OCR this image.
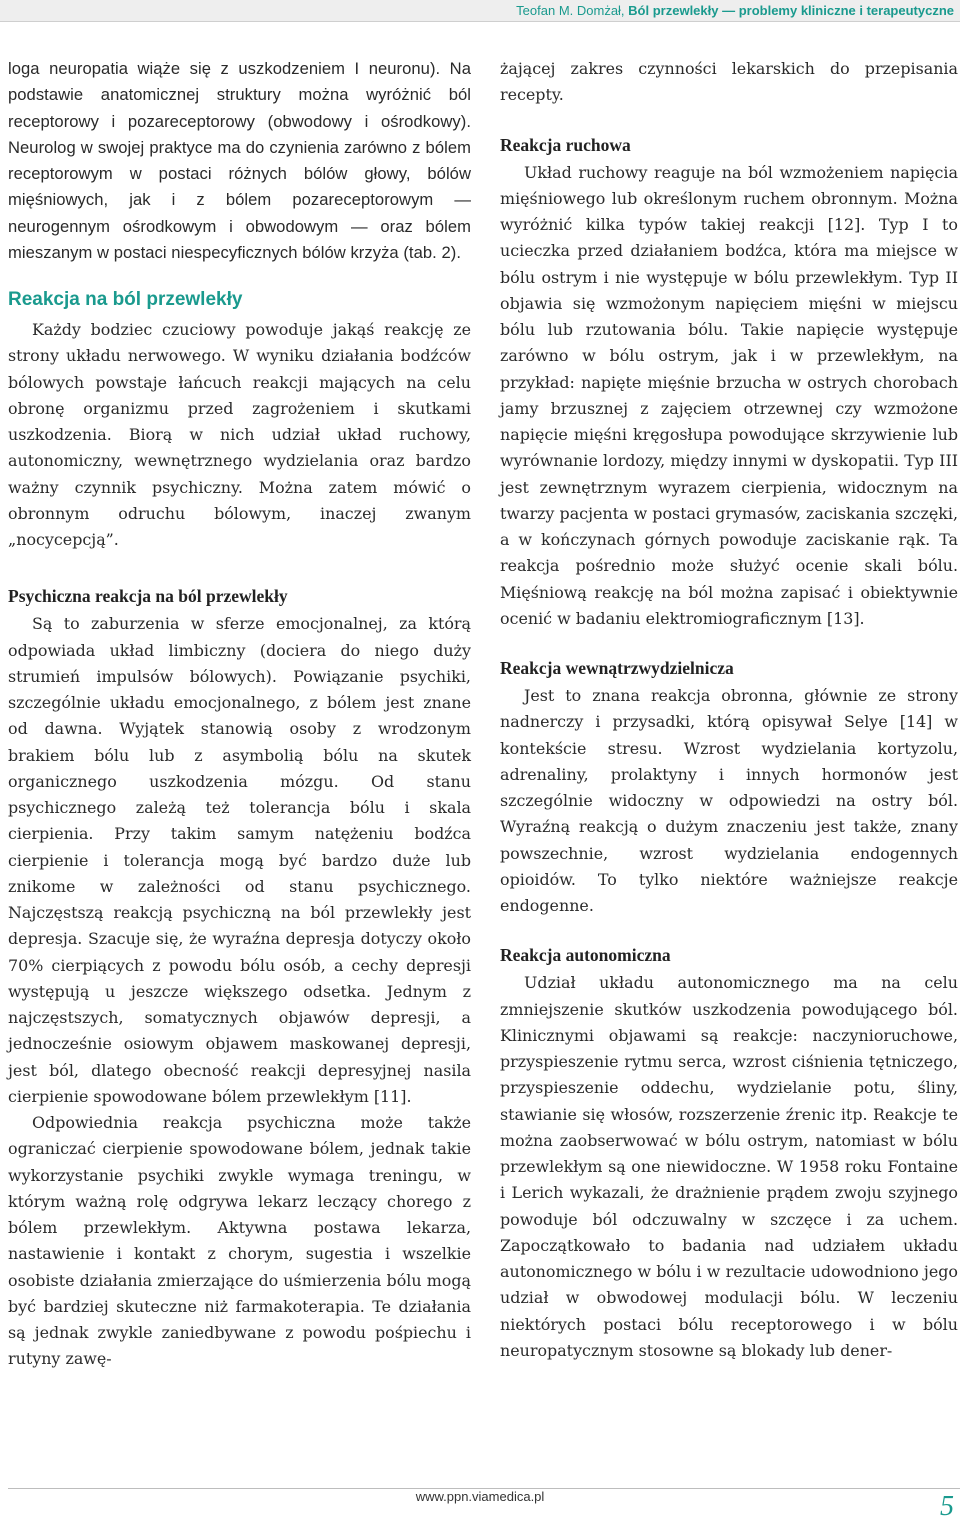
Teofan M. Domżał, Ból przewlekły — problemy kliniczne i terapeutyczne

loga neuropatia wiąże się z uszkodzeniem I neuronu). Na podstawie anatomicznej struktury można wyróżnić ból receptorowy i pozareceptorowy (obwodowy i ośrodkowy). Neurolog w swojej praktyce ma do czynienia zarówno z bólem receptorowym w postaci różnych bólów głowy, bólów mięśniowych, jak i z bólem pozareceptorowym — neurogennym ośrodkowym i obwodowym — oraz bólem mieszanym w postaci niespecyficznych bólów krzyża (tab. 2).

Reakcja na ból przewlekły

Każdy bodziec czuciowy powoduje jakąś reakcję ze strony układu nerwowego. W wyniku działania bodźców bólowych powstaje łańcuch reakcji mających na celu obronę organizmu przed zagrożeniem i skutkami uszkodzenia. Biorą w nich udział układ ruchowy, autonomiczny, wewnętrznego wydzielania oraz bardzo ważny czynnik psychiczny. Można zatem mówić o obronnym odruchu bólowym, inaczej zwanym „nocycepcją”.

Psychiczna reakcja na ból przewlekły

Są to zaburzenia w sferze emocjonalnej, za którą odpowiada układ limbiczny (dociera do niego duży strumień impulsów bólowych). Powiązanie psychiki, szczególnie układu emocjonalnego, z bólem jest znane od dawna. Wyjątek stanowią osoby z wrodzonym brakiem bólu lub z asymbolią bólu na skutek organicznego uszkodzenia mózgu. Od stanu psychicznego zależą też tolerancja bólu i skala cierpienia. Przy takim samym natężeniu bodźca cierpienie i tolerancja mogą być bardzo duże lub znikome w zależności od stanu psychicznego. Najczęstszą reakcją psychiczną na ból przewlekły jest depresja. Szacuje się, że wyraźna depresja dotyczy około 70% cierpiących z powodu bólu osób, a cechy depresji występują u jeszcze większego odsetka. Jednym z najczęstszych, somatycznych objawów depresji, a jednocześnie osiowym objawem maskowanej depresji, jest ból, dlatego obecność reakcji depresyjnej nasila cierpienie spowodowane bólem przewlekłym [11].

Odpowiednia reakcja psychiczna może także ograniczać cierpienie spowodowane bólem, jednak takie wykorzystanie psychiki zwykle wymaga treningu, w którym ważną rolę odgrywa lekarz leczący chorego z bólem przewlekłym. Aktywna postawa lekarza, nastawienie i kontakt z chorym, sugestia i wszelkie osobiste działania zmierzające do uśmierzenia bólu mogą być bardziej skuteczne niż farmakoterapia. Te działania są jednak zwykle zaniedbywane z powodu pośpiechu i rutyny zawę-

żającej zakres czynności lekarskich do przepisania recepty.

Reakcja ruchowa

Układ ruchowy reaguje na ból wzmożeniem napięcia mięśniowego lub określonym ruchem obronnym. Można wyróżnić kilka typów takiej reakcji [12]. Typ I to ucieczka przed działaniem bodźca, która ma miejsce w bólu ostrym i nie występuje w bólu przewlekłym. Typ II objawia się wzmożonym napięciem mięśni w miejscu bólu lub rzutowania bólu. Takie napięcie występuje zarówno w bólu ostrym, jak i w przewlekłym, na przykład: napięte mięśnie brzucha w ostrych chorobach jamy brzusznej z zajęciem otrzewnej czy wzmożone napięcie mięśni kręgosłupa powodujące skrzywienie lub wyrównanie lordozy, między innymi w dyskopatii. Typ III jest zewnętrznym wyrazem cierpienia, widocznym na twarzy pacjenta w postaci grymasów, zaciskania szczęki, a w kończynach górnych powoduje zaciskanie rąk. Ta reakcja pośrednio może służyć ocenie skali bólu. Mięśniową reakcję na ból można zapisać i obiektywnie ocenić w badaniu elektromiograficznym [13].

Reakcja wewnątrzwydzielnicza

Jest to znana reakcja obronna, głównie ze strony nadnerczy i przysadki, którą opisywał Selye [14] w kontekście stresu. Wzrost wydzielania kortyzolu, adrenaliny, prolaktyny i innych hormonów jest szczególnie widoczny w odpowiedzi na ostry ból. Wyraźną reakcją o dużym znaczeniu jest także, znany powszechnie, wzrost wydzielania endogennych opioidów. To tylko niektóre ważniejsze reakcje endogenne.

Reakcja autonomiczna

Udział układu autonomicznego ma na celu zmniejszenie skutków uszkodzenia powodującego ból. Klinicznymi objawami są reakcje: naczynioruchowe, przyspieszenie rytmu serca, wzrost ciśnienia tętniczego, przyspieszenie oddechu, wydzielanie potu, śliny, stawianie się włosów, rozszerzenie źrenic itp. Reakcje te można zaobserwować w bólu ostrym, natomiast w bólu przewlekłym są one niewidoczne. W 1958 roku Fontaine i Lerich wykazali, że drażnienie prądem zwoju szyjnego powoduje ból odczuwalny w szczęce i za uchem. Zapoczątkowało to badania nad udziałem układu autonomicznego w bólu i w rezultacie udowodniono jego udział w obwodowej modulacji bólu. W leczeniu niektórych postaci bólu receptorowego i w bólu neuropatycznym stosowne są blokady lub dener-

www.ppn.viamedica.pl	5
